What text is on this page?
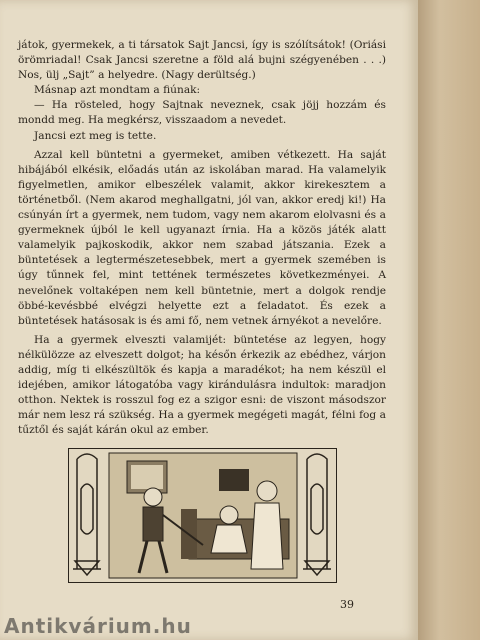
játok, gyermekek, a ti társatok Sajt Jancsi, így is szólítsátok! (Oriási örömriadal! Csak Jancsi szeretne a föld alá bujni szégyenében . . .) Nos, ülj „Sajt” a helyedre. (Nagy derültség.)

Másnap azt mondtam a fiúnak:

— Ha rösteled, hogy Sajtnak neveznek, csak jöjj hozzám és mondd meg. Ha megkérsz, visszaadom a nevedet.

Jancsi ezt meg is tette.

Azzal kell büntetni a gyermeket, amiben vétkezett. Ha saját hibájából elkésik, előadás után az iskolában marad. Ha valamelyik figyelmetlen, amikor elbeszélek valamit, akkor kirekesztem a történetből. (Nem akarod meghallgatni, jól van, akkor eredj ki!) Ha csúnyán írt a gyermek, nem tudom, vagy nem akarom elolvasni és a gyermeknek újból le kell ugyanazt írnia. Ha a közös játék alatt valamelyik pajkoskodik, akkor nem szabad játszania. Ezek a büntetések a legtermészetesebbek, mert a gyermek szemében is úgy tűnnek fel, mint tettének természetes következményei. A nevelőnek voltaképen nem kell büntetnie, mert a dolgok rendje öbbé-kevésbbé elvégzi helyette ezt a feladatot. És ezek a büntetések hatásosak is és ami fő, nem vetnek árnyékot a nevelőre.

Ha a gyermek elveszti valamijét: büntetése az legyen, hogy nélkülözze az elveszett dolgot; ha későn érkezik az ebédhez, várjon addig, míg ti elkészültök és kapja a maradékot; ha nem készül el idejében, amikor látogatóba vagy kirándulásra indultok: maradjon otthon. Nektek is rosszul fog ez a szigor esni: de viszont másodszor már nem lesz rá szükség. Ha a gyermek megégeti magát, félni fog a tűztől és saját kárán okul az ember.

39
Antikvárium.hu
